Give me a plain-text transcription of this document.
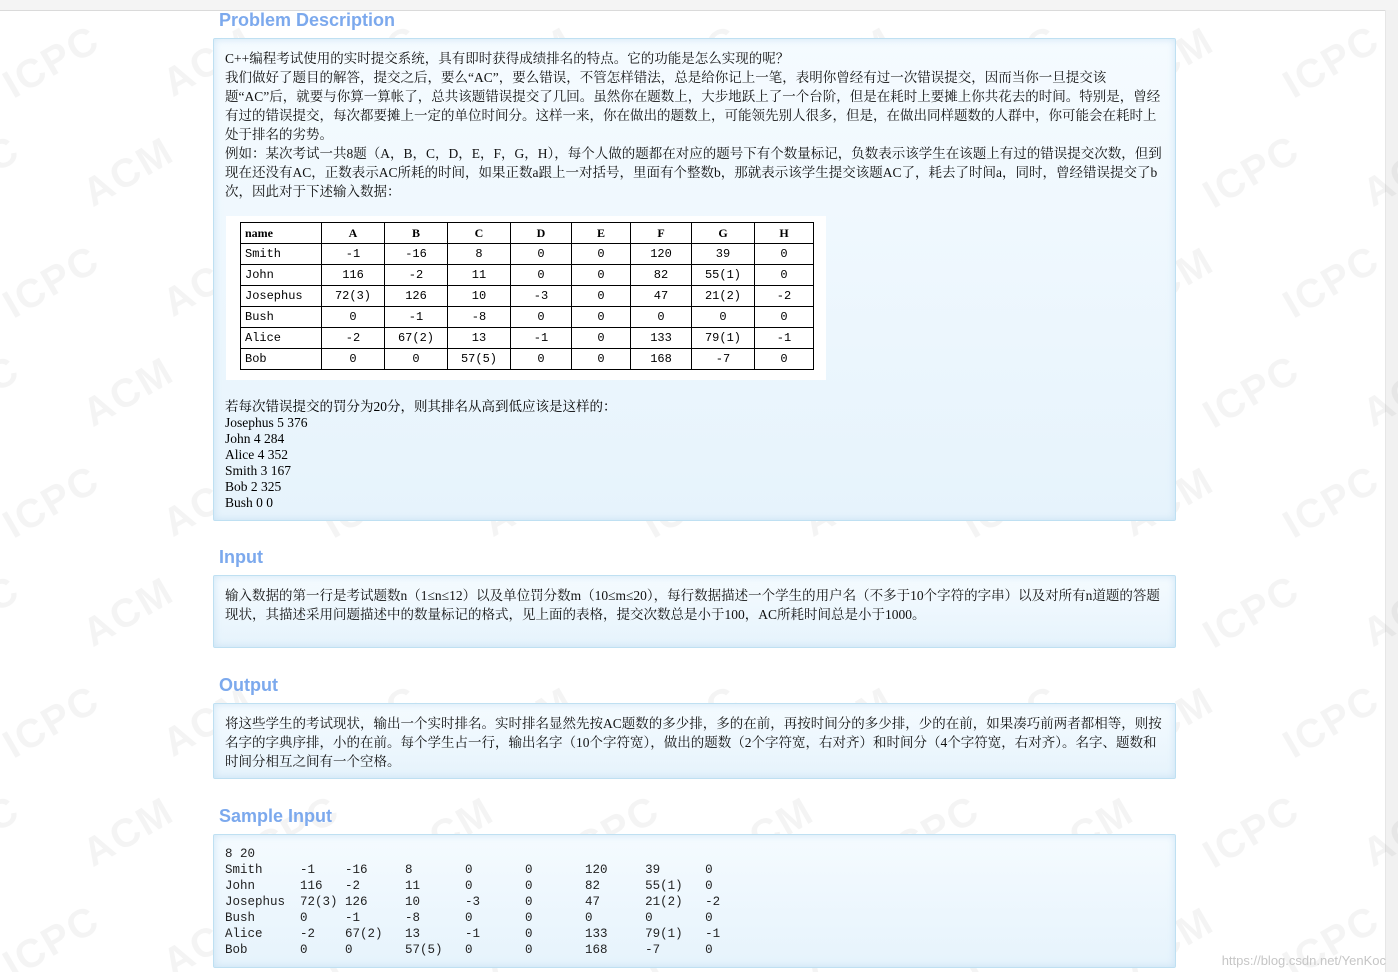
Problem Description

C++编程考试使用的实时提交系统，具有即时获得成绩排名的特点。它的功能是怎么实现的呢？

我们做好了题目的解答，提交之后，要么“AC”，要么错误，不管怎样错法，总是给你记上一笔，表明你曾经有过一次错误提交，因而当你一旦提交该题“AC”后，就要与你算一算帐了，总共该题错误提交了几回。虽然你在题数上，大步地跃上了一个台阶，但是在耗时上要摊上你共花去的时间。特别是，曾经有过的错误提交，每次都要摊上一定的单位时间分。这样一来，你在做出的题数上，可能领先别人很多，但是，在做出同样题数的人群中，你可能会在耗时上处于排名的劣势。

例如：某次考试一共8题（A，B，C，D，E，F，G，H），每个人做的题都在对应的题号下有个数量标记，负数表示该学生在该题上有过的错误提交次数，但到现在还没有AC，正数表示AC所耗的时间，如果正数a跟上一对括号，里面有个整数b，那就表示该学生提交该题AC了，耗去了时间a，同时，曾经错误提交了b次，因此对于下述输入数据：

name	A	B	C	D	E	F	G	H
Smith	-1	-16	8	0	0	120	39	0
John	116	-2	11	0	0	82	55(1)	0
Josephus	72(3)	126	10	-3	0	47	21(2)	-2
Bush	0	-1	-8	0	0	0	0	0
Alice	-2	67(2)	13	-1	0	133	79(1)	-1
Bob	0	0	57(5)	0	0	168	-7	0
若每次错误提交的罚分为20分，则其排名从高到低应该是这样的：
Josephus 5 376
John 4 284
Alice 4 352
Smith 3 167
Bob 2 325
Bush 0 0
Input
输入数据的第一行是考试题数n（1≤n≤12）以及单位罚分数m（10≤m≤20），每行数据描述一个学生的用户名（不多于10个字符的字串）以及对所有n道题的答题现状，其描述采用问题描述中的数量标记的格式，见上面的表格，提交次数总是小于100，AC所耗时间总是小于1000。
Output
将这些学生的考试现状，输出一个实时排名。实时排名显然先按AC题数的多少排，多的在前，再按时间分的多少排，少的在前，如果凑巧前两者都相等，则按名字的字典序排，小的在前。每个学生占一行，输出名字（10个字符宽），做出的题数（2个字符宽，右对齐）和时间分（4个字符宽，右对齐）。名字、题数和时间分相互之间有一个空格。
Sample Input
8 20
Smith     -1    -16     8       0       0       120     39      0
John      116   -2      11      0       0       82      55(1)   0
Josephus  72(3) 126     10      -3      0       47      21(2)   -2
Bush      0     -1      -8      0       0       0       0       0
Alice     -2    67(2)   13      -1      0       133     79(1)   -1
Bob       0     0       57(5)   0       0       168     -7      0
https://blog.csdn.net/YenKoc
